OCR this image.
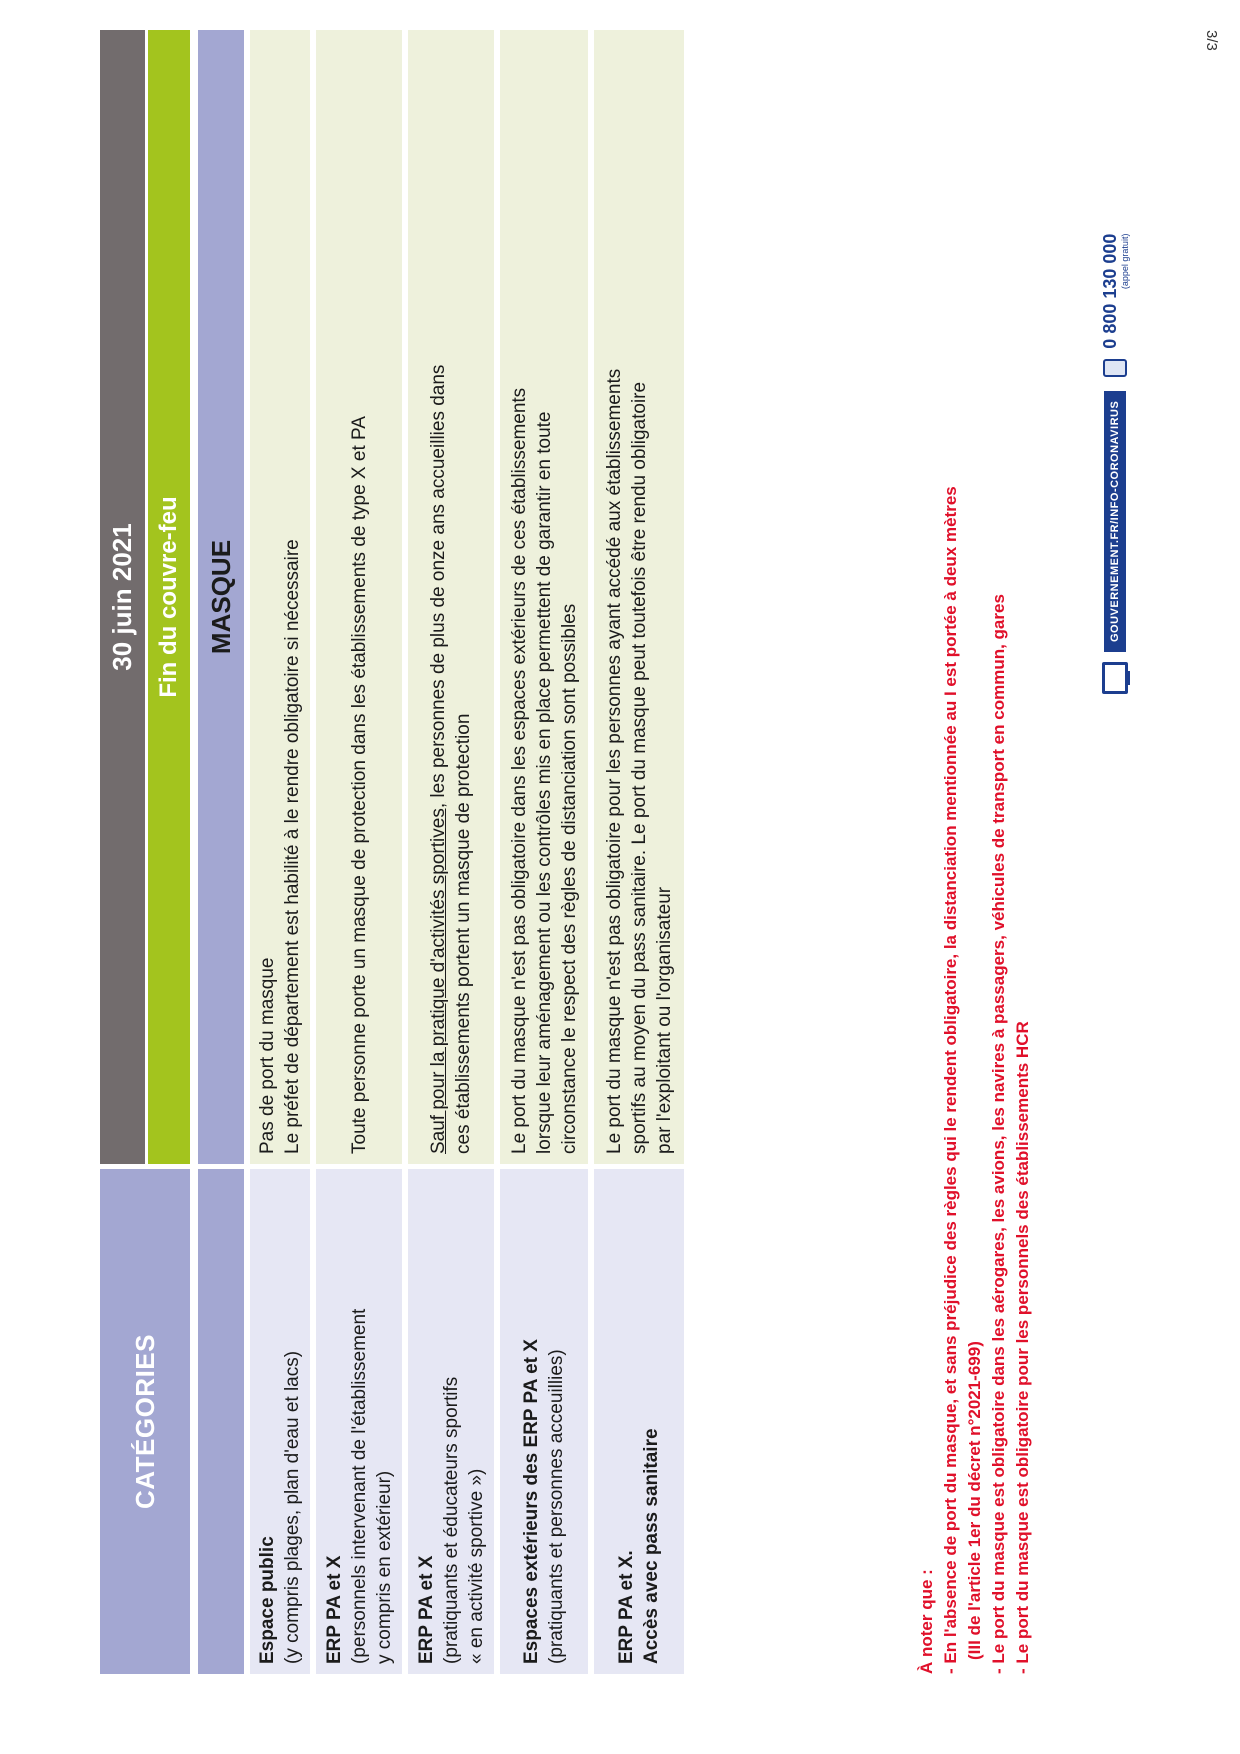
3/3
CATÉGORIES
30 juin 2021 Fin du couvre-feu MASQUE
Espace public (y compris plages, plan d'eau et lacs)
Pas de port du masque Le préfet de département est habilité à le rendre obligatoire si nécessaire
ERP PA et X (personnels intervenant de l'établissement y compris en extérieur)
Toute personne porte un masque de protection dans les établissements de type X et PA
ERP PA et X (pratiquants et éducateurs sportifs « en activité sportive »)
Sauf pour la pratique d'activités sportives, les personnes de plus de onze ans accueillies dans
ces établissements portent un masque de protection
Espaces extérieurs des ERP PA et X (pratiquants et personnes acceuillies)
Le port du masque n'est pas obligatoire dans les espaces extérieurs de ces établissements lorsque leur aménagement ou les contrôles mis en place permettent de garantir en toute circonstance le respect des règles de distanciation sont possibles
ERP PA et X. Accès avec pass sanitaire
Le port du masque n'est pas obligatoire pour les personnes ayant accédé aux établissements sportifs au moyen du pass sanitaire. Le port du masque peut toutefois être rendu obligatoire par l'exploitant ou l'organisateur
À noter que : - En l'absence de port du masque, et sans préjudice des règles qui le rendent obligatoire, la distanciation mentionnée au I est portée à deux mètres (III de l'article 1er du décret n°2021-699) - Le port du masque est obligatoire dans les aérogares, les avions, les navires à passagers, véhicules de transport en commun, gares - Le port du masque est obligatoire pour les personnels des établissements HCR
GOUVERNEMENT.FR/INFO-CORONAVIRUS
0 800 130 000 (appel gratuit)
